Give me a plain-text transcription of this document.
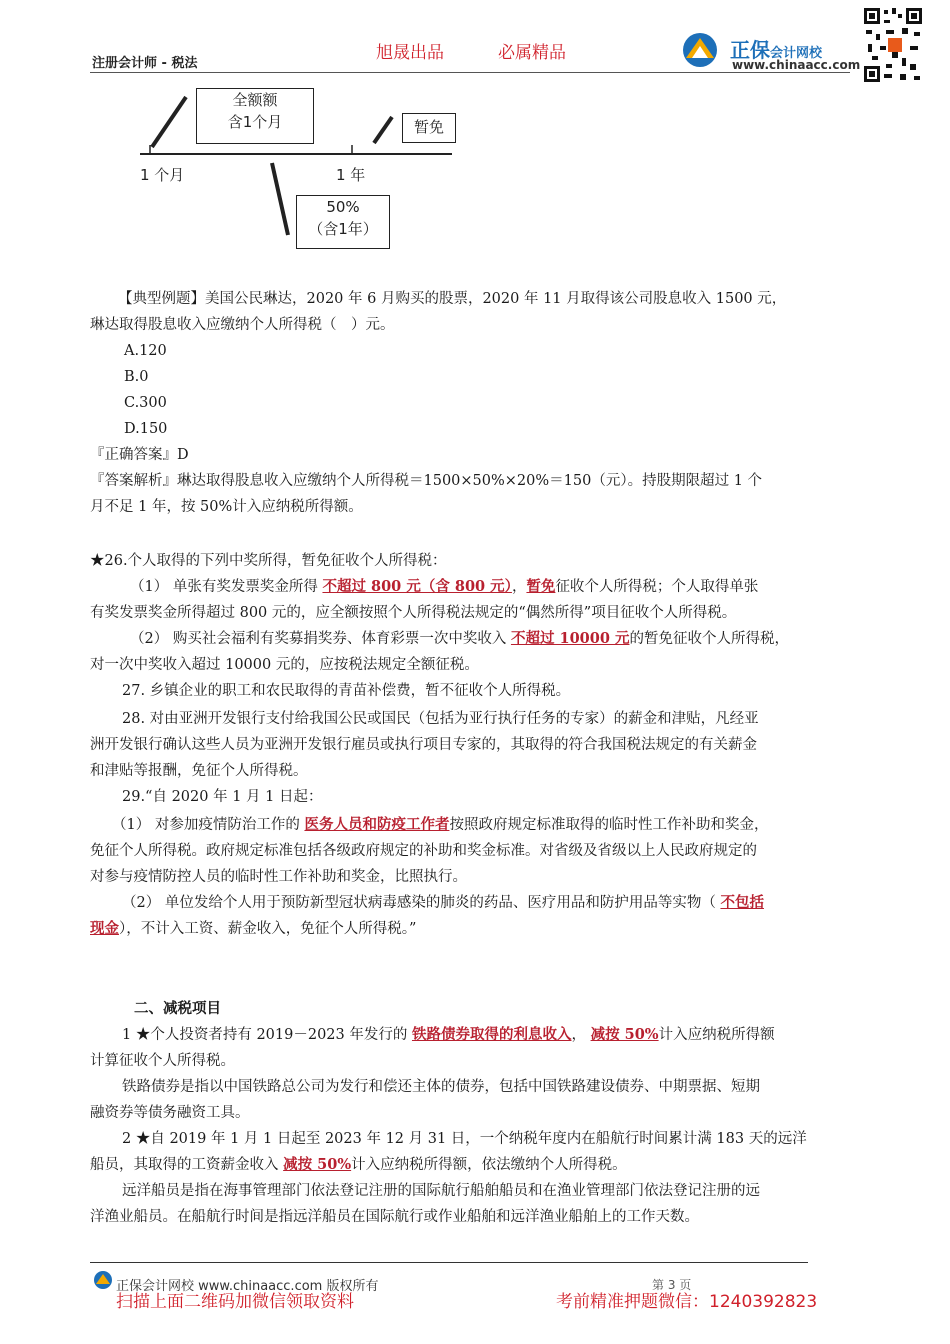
注册会计师 - 税法
旭晟出品	必属精品	正保会计网校
www.chinaacc.com
全额额
含1个月	暂免
50%
（含1年）
1 个月	1 年
【典型例题】美国公民琳达，2020 年 6 月购买的股票，2020 年 11 月取得该公司股息收入 1500 元，
琳达取得股息收入应缴纳个人所得税（　）元。
A.120
B.0
C.300
D.150
『正确答案』D
『答案解析』琳达取得股息收入应缴纳个人所得税＝1500×50%×20%＝150（元）。持股期限超过 1 个
月不足 1 年，按 50%计入应纳税所得额。
★26.个人取得的下列中奖所得，暂免征收个人所得税：
（1） 单张有奖发票奖金所得 不超过 800 元（含 800 元），暂免征收个人所得税；个人取得单张
有奖发票奖金所得超过 800 元的，应全额按照个人所得税法规定的“偶然所得”项目征收个人所得税。
（2） 购买社会福利有奖募捐奖券、体育彩票一次中奖收入 不超过 10000 元的暂免征收个人所得税，
对一次中奖收入超过 10000 元的，应按税法规定全额征税。
27. 乡镇企业的职工和农民取得的青苗补偿费，暂不征收个人所得税。
28. 对由亚洲开发银行支付给我国公民或国民（包括为亚行执行任务的专家）的薪金和津贴，凡经亚
洲开发银行确认这些人员为亚洲开发银行雇员或执行项目专家的，其取得的符合我国税法规定的有关薪金
和津贴等报酬，免征个人所得税。
29.“自 2020 年 1 月 1 日起：
（1） 对参加疫情防治工作的 医务人员和防疫工作者按照政府规定标准取得的临时性工作补助和奖金，
免征个人所得税。政府规定标准包括各级政府规定的补助和奖金标准。对省级及省级以上人民政府规定的
对参与疫情防控人员的临时性工作补助和奖金，比照执行。
（2） 单位发给个人用于预防新型冠状病毒感染的肺炎的药品、医疗用品和防护用品等实物（ 不包括
现金），不计入工资、薪金收入，免征个人所得税。”
二、减税项目
1 ★个人投资者持有 2019－2023 年发行的 铁路债券取得的利息收入， 减按 50%计入应纳税所得额
计算征收个人所得税。
铁路债券是指以中国铁路总公司为发行和偿还主体的债券，包括中国铁路建设债券、中期票据、短期
融资券等债务融资工具。
2 ★自 2019 年 1 月 1 日起至 2023 年 12 月 31 日，一个纳税年度内在船航行时间累计满 183 天的远洋
船员，其取得的工资薪金收入 减按 50%计入应纳税所得额，依法缴纳个人所得税。
远洋船员是指在海事管理部门依法登记注册的国际航行船舶船员和在渔业管理部门依法登记注册的远
洋渔业船员。在船航行时间是指远洋船员在国际航行或作业船舶和远洋渔业船舶上的工作天数。
正保会计网校 www.chinaacc.com 版权所有	第 3 页
扫描上面二维码加微信领取资料	考前精准押题微信：1240392823
